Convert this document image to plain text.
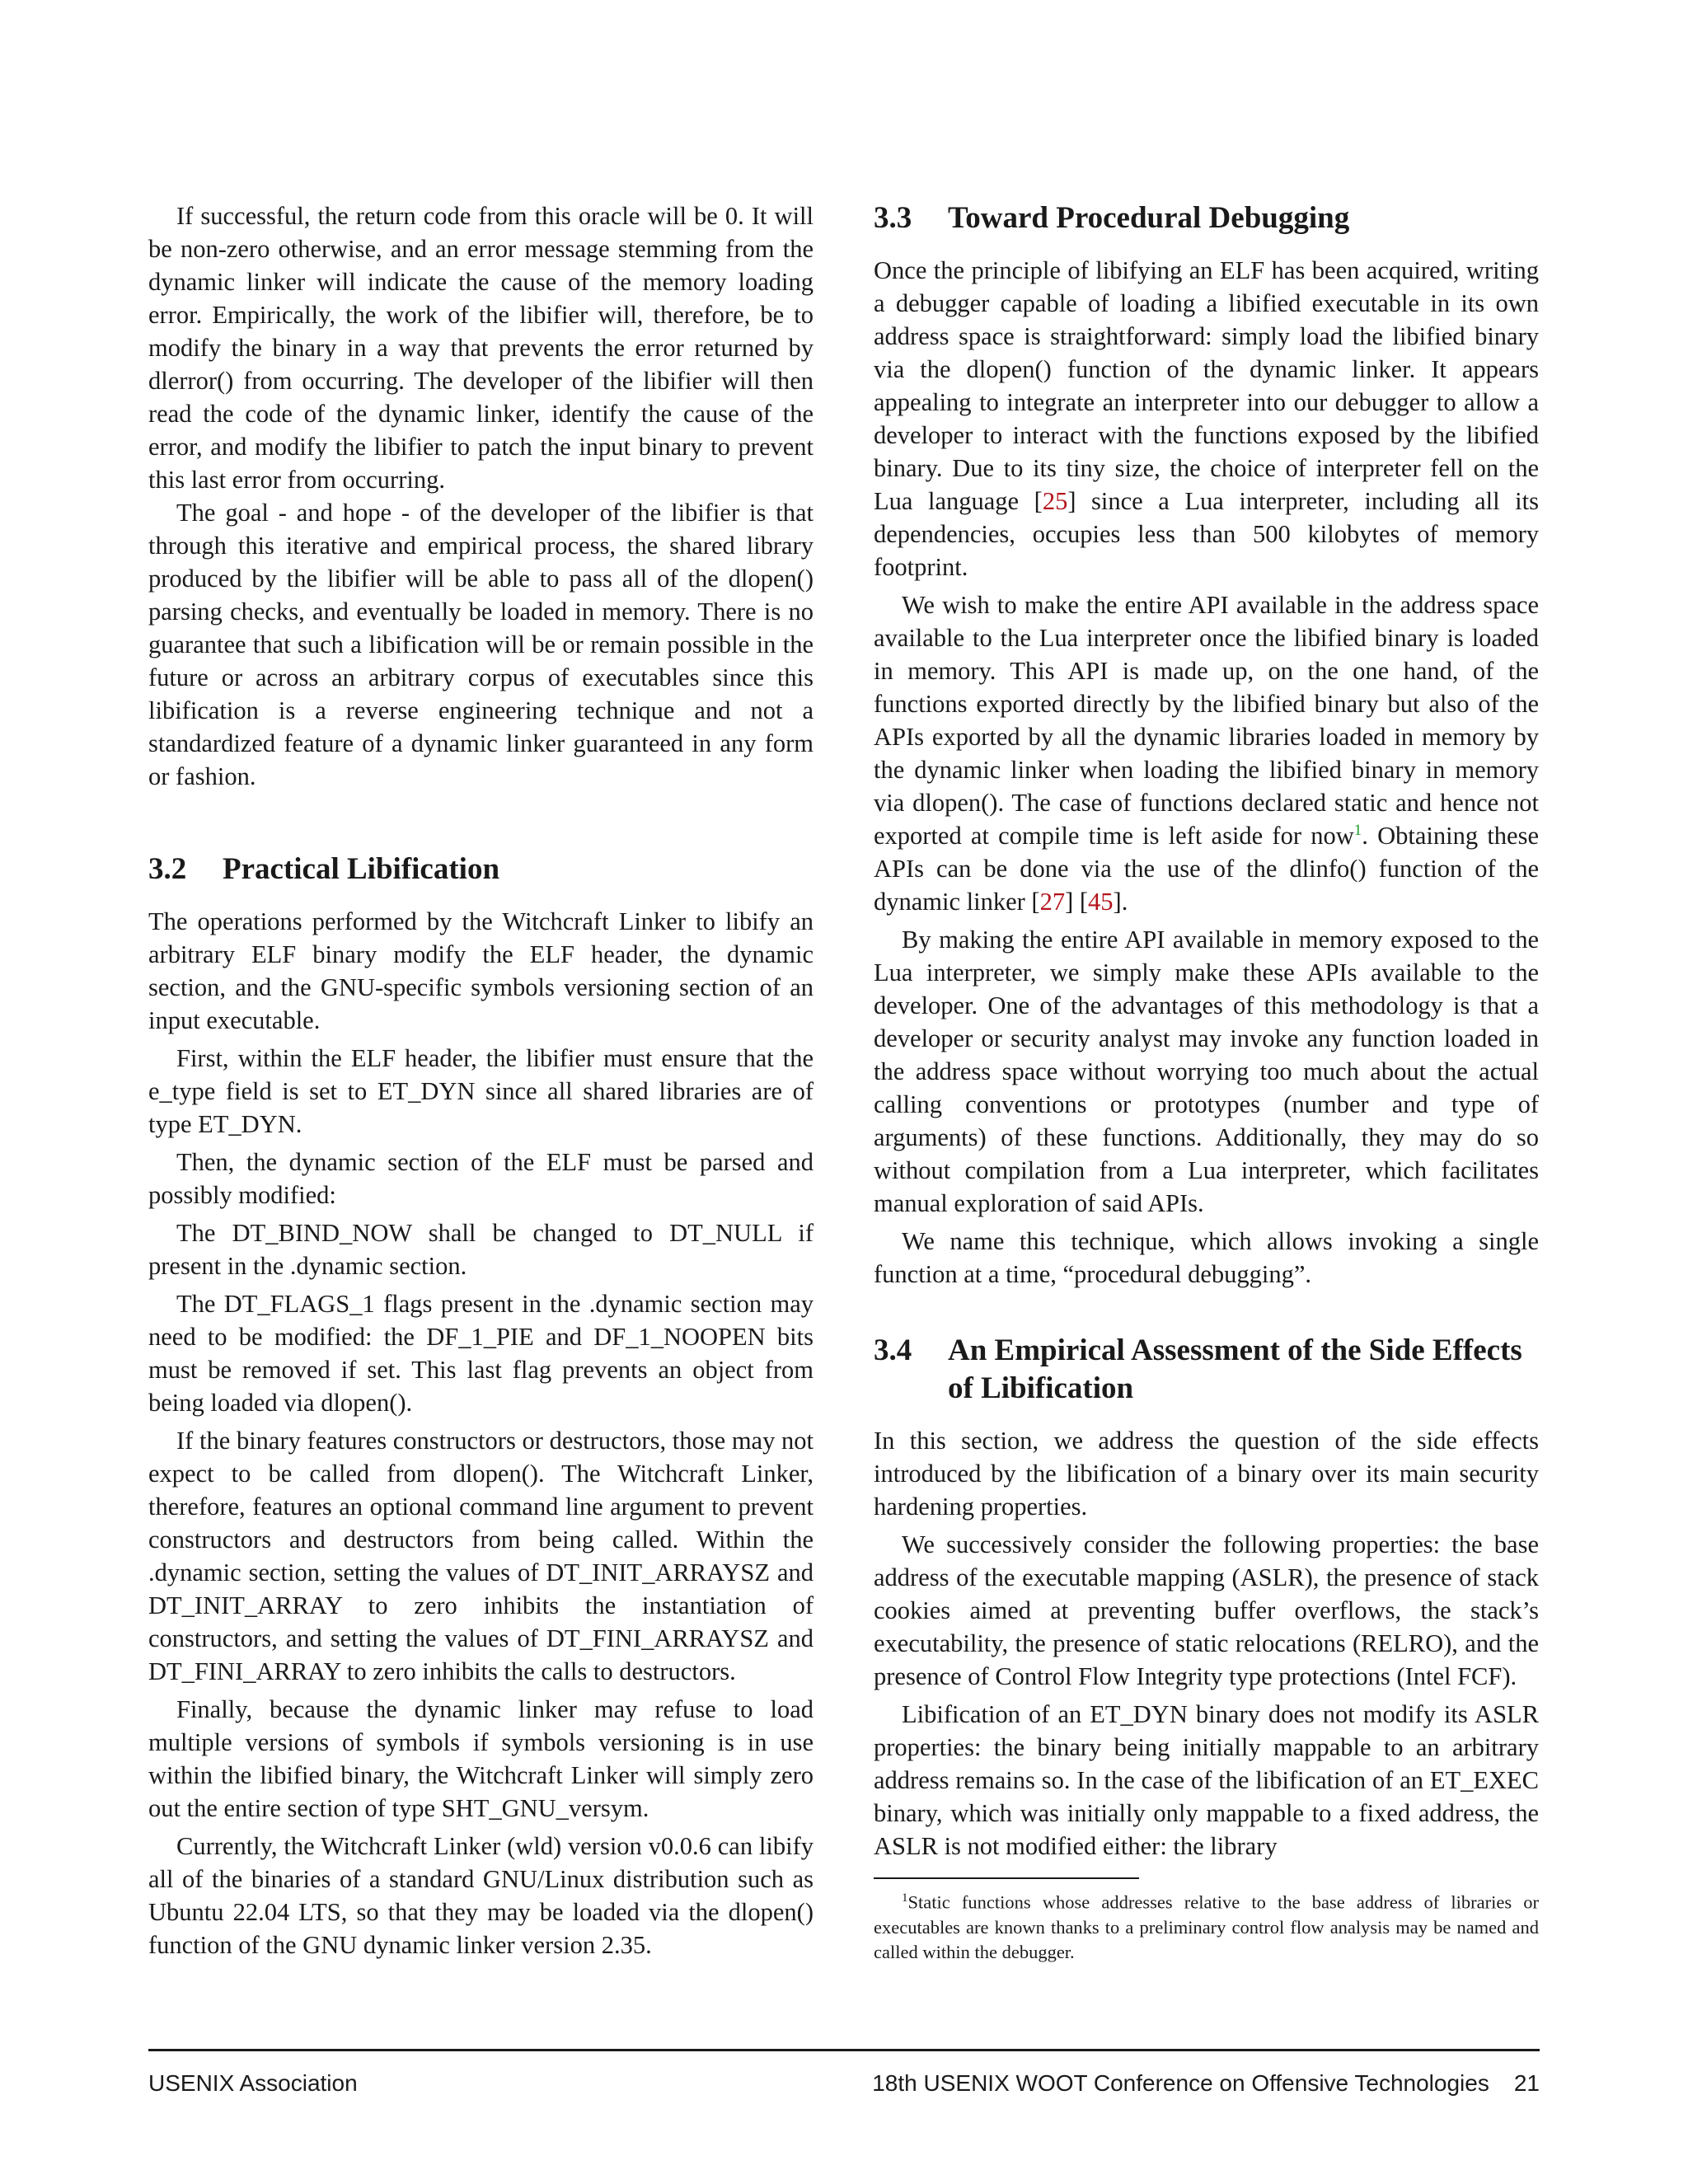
If successful, the return code from this oracle will be 0. It will be non-zero otherwise, and an error message stemming from the dynamic linker will indicate the cause of the memory loading error. Empirically, the work of the libifier will, therefore, be to modify the binary in a way that prevents the error returned by dlerror() from occurring. The developer of the libifier will then read the code of the dynamic linker, identify the cause of the error, and modify the libifier to patch the input binary to prevent this last error from occurring.

The goal - and hope - of the developer of the libifier is that through this iterative and empirical process, the shared library produced by the libifier will be able to pass all of the dlopen() parsing checks, and eventually be loaded in memory. There is no guarantee that such a libification will be or remain possible in the future or across an arbitrary corpus of executables since this libification is a reverse engineering technique and not a standardized feature of a dynamic linker guaranteed in any form or fashion.

3.2	Practical Libification

The operations performed by the Witchcraft Linker to libify an arbitrary ELF binary modify the ELF header, the dynamic section, and the GNU-specific symbols versioning section of an input executable.

First, within the ELF header, the libifier must ensure that the e_type field is set to ET_DYN since all shared libraries are of type ET_DYN.

Then, the dynamic section of the ELF must be parsed and possibly modified:

The DT_BIND_NOW shall be changed to DT_NULL if present in the .dynamic section.

The DT_FLAGS_1 flags present in the .dynamic section may need to be modified: the DF_1_PIE and DF_1_NOOPEN bits must be removed if set. This last flag prevents an object from being loaded via dlopen().

If the binary features constructors or destructors, those may not expect to be called from dlopen(). The Witchcraft Linker, therefore, features an optional command line argument to prevent constructors and destructors from being called. Within the .dynamic section, setting the values of DT_INIT_ARRAYSZ and DT_INIT_ARRAY to zero inhibits the instantiation of constructors, and setting the values of DT_FINI_ARRAYSZ and DT_FINI_ARRAY to zero inhibits the calls to destructors.

Finally, because the dynamic linker may refuse to load multiple versions of symbols if symbols versioning is in use within the libified binary, the Witchcraft Linker will simply zero out the entire section of type SHT_GNU_versym.

Currently, the Witchcraft Linker (wld) version v0.0.6 can libify all of the binaries of a standard GNU/Linux distribution such as Ubuntu 22.04 LTS, so that they may be loaded via the dlopen() function of the GNU dynamic linker version 2.35.

3.3	Toward Procedural Debugging

Once the principle of libifying an ELF has been acquired, writing a debugger capable of loading a libified executable in its own address space is straightforward: simply load the libified binary via the dlopen() function of the dynamic linker. It appears appealing to integrate an interpreter into our debugger to allow a developer to interact with the functions exposed by the libified binary. Due to its tiny size, the choice of interpreter fell on the Lua language [25] since a Lua interpreter, including all its dependencies, occupies less than 500 kilobytes of memory footprint.

We wish to make the entire API available in the address space available to the Lua interpreter once the libified binary is loaded in memory. This API is made up, on the one hand, of the functions exported directly by the libified binary but also of the APIs exported by all the dynamic libraries loaded in memory by the dynamic linker when loading the libified binary in memory via dlopen(). The case of functions declared static and hence not exported at compile time is left aside for now$^1$. Obtaining these APIs can be done via the use of the dlinfo() function of the dynamic linker [27] [45].

By making the entire API available in memory exposed to the Lua interpreter, we simply make these APIs available to the developer. One of the advantages of this methodology is that a developer or security analyst may invoke any function loaded in the address space without worrying too much about the actual calling conventions or prototypes (number and type of arguments) of these functions. Additionally, they may do so without compilation from a Lua interpreter, which facilitates manual exploration of said APIs.

We name this technique, which allows invoking a single function at a time, “procedural debugging”.

3.4	An Empirical Assessment of the Side Effects of Libification

In this section, we address the question of the side effects introduced by the libification of a binary over its main security hardening properties.

We successively consider the following properties: the base address of the executable mapping (ASLR), the presence of stack cookies aimed at preventing buffer overflows, the stack’s executability, the presence of static relocations (RELRO), and the presence of Control Flow Integrity type protections (Intel FCF).

Libification of an ET_DYN binary does not modify its ASLR properties: the binary being initially mappable to an arbitrary address remains so. In the case of the libification of an ET_EXEC binary, which was initially only mappable to a fixed address, the ASLR is not modified either: the library

$^1$Static functions whose addresses relative to the base address of libraries or executables are known thanks to a preliminary control flow analysis may be named and called within the debugger.

USENIX Association	18th USENIX WOOT Conference on Offensive Technologies 21
